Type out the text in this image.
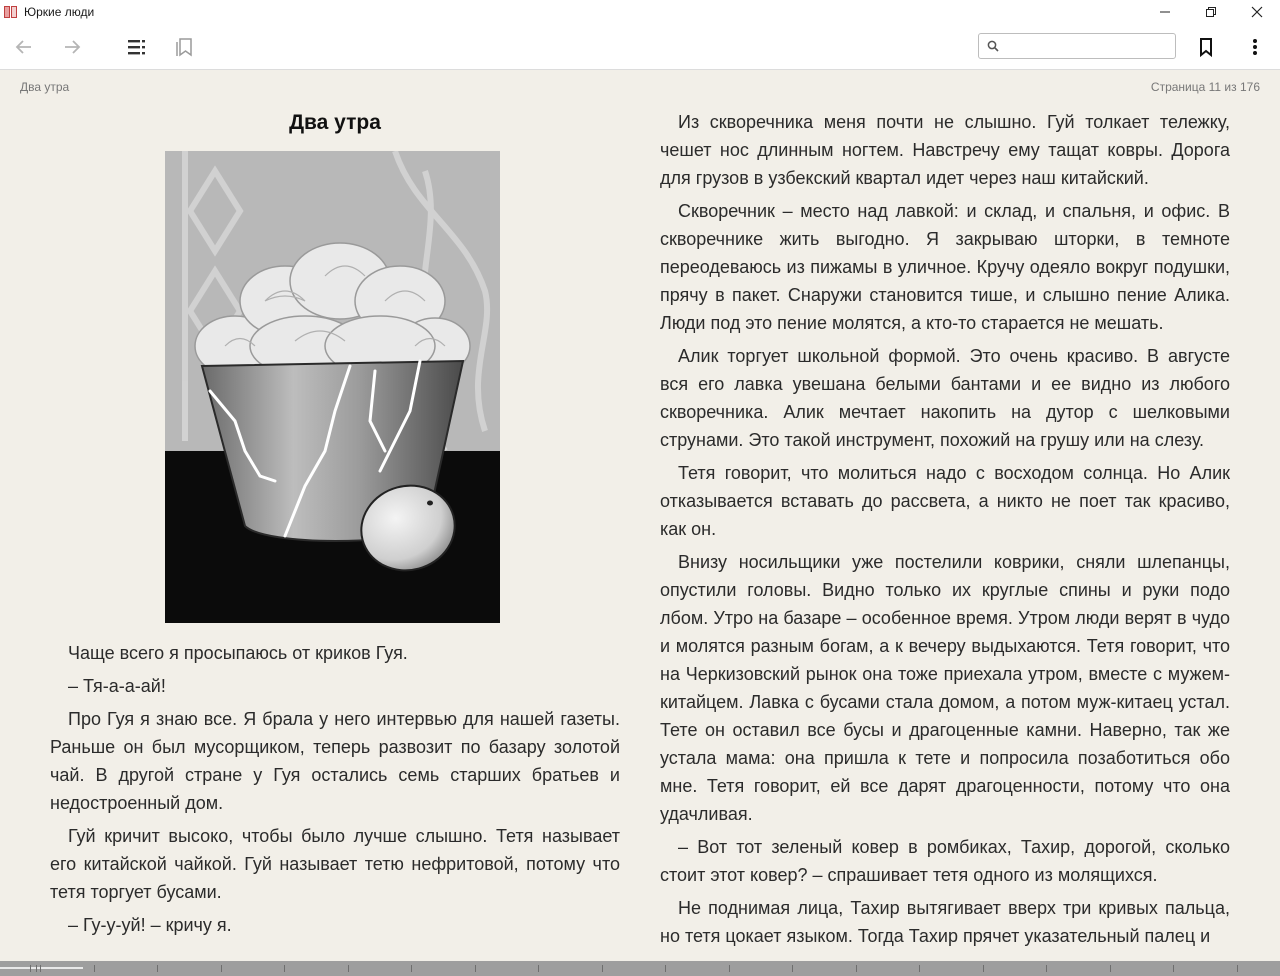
Юркие люди
Два утра	Страница 11 из 176
Два утра

Чаще всего я просыпаюсь от криков Гуя.

– Тя-а-а-ай!

Про Гуя я знаю все. Я брала у него интервью для нашей газеты. Раньше он был мусорщиком, теперь развозит по базару золотой чай. В другой стране у Гуя остались семь старших братьев и недостроенный дом.

Гуй кричит высоко, чтобы было лучше слышно. Тетя называет его китайской чайкой. Гуй называет тетю нефритовой, потому что тетя торгует бусами.

– Гу-у-уй! – кричу я.

Из скворечника меня почти не слышно. Гуй толкает тележку, чешет нос длинным ногтем. Навстречу ему тащат ковры. Дорога для грузов в узбекский квартал идет через наш китайский.

Скворечник – место над лавкой: и склад, и спальня, и офис. В скворечнике жить выгодно. Я закрываю шторки, в темноте переодеваюсь из пижамы в уличное. Кручу одеяло вокруг подушки, прячу в пакет. Снаружи становится тише, и слышно пение Алика. Люди под это пение молятся, а кто-то старается не мешать.

Алик торгует школьной формой. Это очень красиво. В августе вся его лавка увешана белыми бантами и ее видно из любого скворечника. Алик мечтает накопить на дутор с шелковыми струнами. Это такой инструмент, похожий на грушу или на слезу.

Тетя говорит, что молиться надо с восходом солнца. Но Алик отказывается вставать до рассвета, а никто не поет так красиво, как он.

Внизу носильщики уже постелили коврики, сняли шлепанцы, опустили головы. Видно только их круглые спины и руки подо лбом. Утро на базаре – особенное время. Утром люди верят в чудо и молятся разным богам, а к вечеру выдыхаются. Тетя говорит, что на Черкизовский рынок она тоже приехала утром, вместе с мужем-китайцем. Лавка с бусами стала домом, а потом муж-китаец устал. Тете он оставил все бусы и драгоценные камни. Наверно, так же устала мама: она пришла к тете и попросила позаботиться обо мне. Тетя говорит, ей все дарят драгоценности, потому что она удачливая.

– Вот тот зеленый ковер в ромбиках, Тахир, дорогой, сколько стоит этот ковер? – спрашивает тетя одного из молящихся.

Не поднимая лица, Тахир вытягивает вверх три кривых пальца, но тетя цокает языком. Тогда Тахир прячет указательный палец и
